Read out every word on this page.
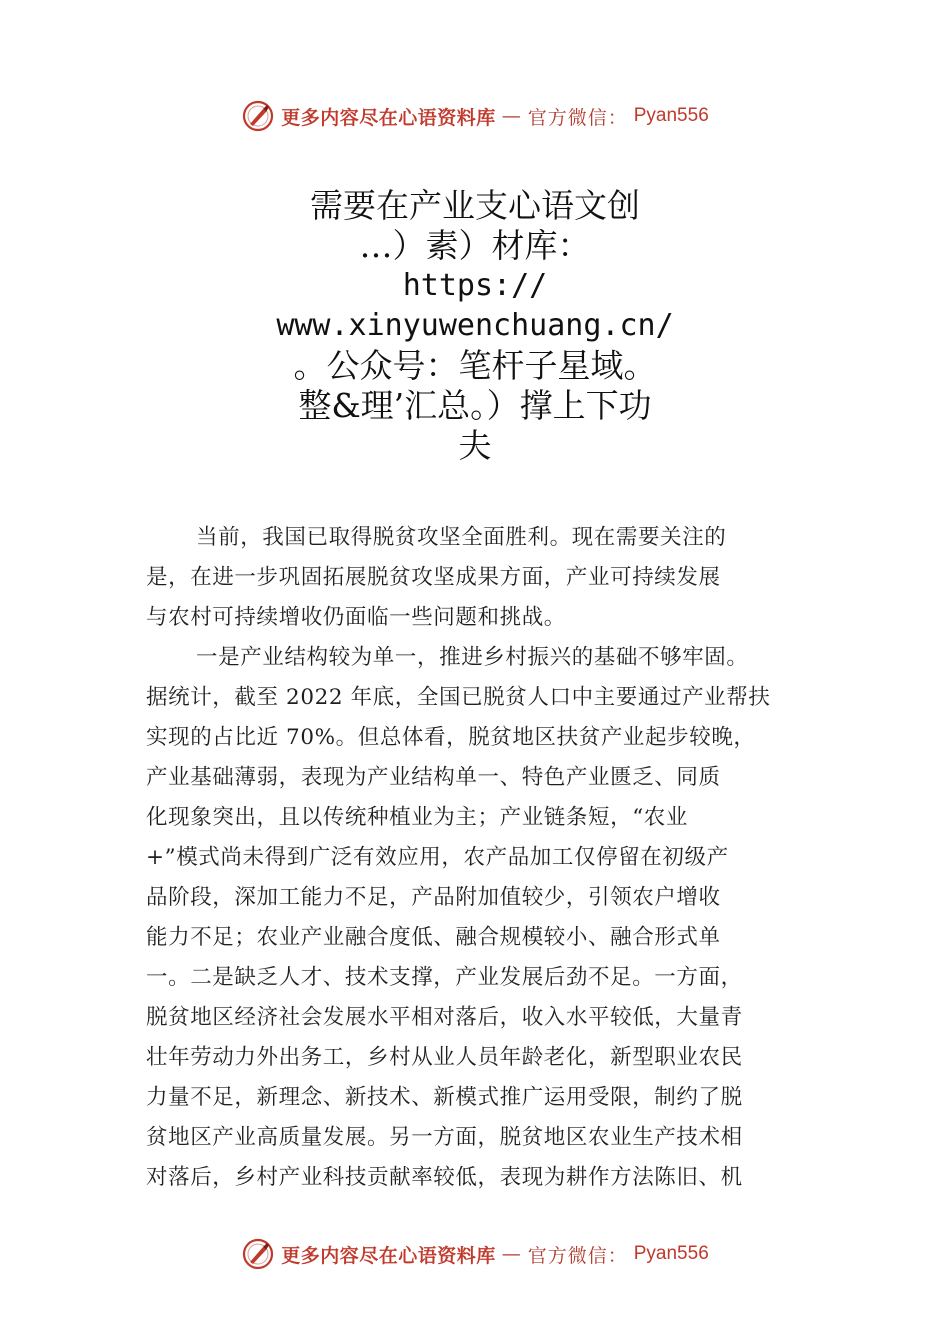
更多内容尽在心语资料库 — 官方微信： Pyan556
需要在产业支心语文创
…）素）材库：
https://
www.xinyuwenchuang.cn/
。公众号：笔杆子星域。
整&理’汇总。）撑上下功
夫
当前，我国已取得脱贫攻坚全面胜利。现在需要关注的
是，在进一步巩固拓展脱贫攻坚成果方面，产业可持续发展
与农村可持续增收仍面临一些问题和挑战。
一是产业结构较为单一，推进乡村振兴的基础不够牢固。
据统计，截至 2022 年底，全国已脱贫人口中主要通过产业帮扶
实现的占比近 70%。但总体看，脱贫地区扶贫产业起步较晚，
产业基础薄弱，表现为产业结构单一、特色产业匮乏、同质
化现象突出，且以传统种植业为主；产业链条短，“农业
+”模式尚未得到广泛有效应用，农产品加工仅停留在初级产
品阶段，深加工能力不足，产品附加值较少，引领农户增收
能力不足；农业产业融合度低、融合规模较小、融合形式单
一。二是缺乏人才、技术支撑，产业发展后劲不足。一方面，
脱贫地区经济社会发展水平相对落后，收入水平较低，大量青
壮年劳动力外出务工，乡村从业人员年龄老化，新型职业农民
力量不足，新理念、新技术、新模式推广运用受限，制约了脱
贫地区产业高质量发展。另一方面，脱贫地区农业生产技术相
对落后，乡村产业科技贡献率较低，表现为耕作方法陈旧、机
更多内容尽在心语资料库 — 官方微信： Pyan556
